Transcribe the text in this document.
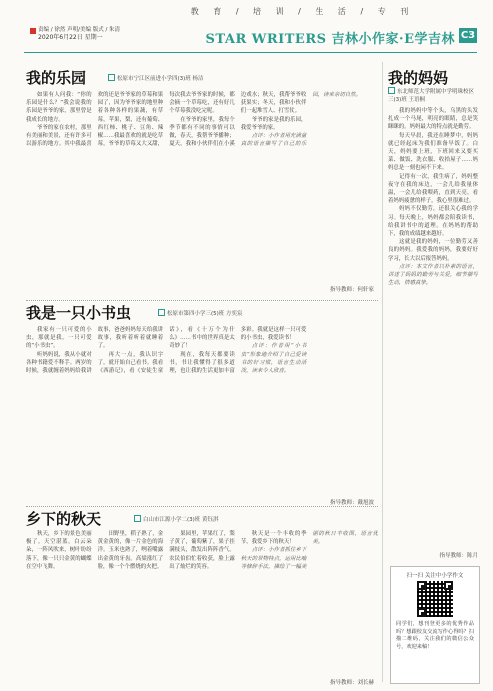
教 育 / 培 训 / 生 活 / 专 刊
责编 / 徐然 声明/美编 版式 / 朱清
2020年6月22日 星期一	STAR WRITERS 吉林小作家·E学吉林 C3
我的乐园	松原市宁江区前进小学四(3)班 杨洁

如果有人问我：“你的乐园是什么？”我会说我的乐园是爷爷的家，那里曾是我成长的地方。

爷爷的家在农村，那里有美丽和美景，还有许多可以游乐的地方。其中我最喜欢的还是爷爷家的草莓和果园了，因为爷爷家的地里种着各种各样的果蔬，有草莓，苹果，梨，还有葡萄、西红柿、桃子、豆角、辣椒……我最喜欢的就是吃草莓，爷爷的草莓又大又甜，每次我去爷爷家的时候，都会摘一个草莓吃，还有好几个草莓我没吃完呢。

在爷爷的家里，我每个季节都有不同的事情可以做，春天，我帮爷爷播种；夏天，我和小伙伴们在小溪边戏水；秋天，我帮爷爷收获果实；冬天，我和小伙伴们一起堆雪人、打雪仗。

爷爷的家是我的乐园，我爱爷爷的家。

点评：小作者用充满童真的语言描写了自己的乐园，读来亲切自然。

指导教师：何轩家
我是一只小书虫	松原市第四小学三(5)班 方奕宸

我家有一只可爱的小虫，那就是我，一只可爱的“小书虫”。

听妈妈说，我从小就对各种书籍爱不释手。两岁的时候，我就缠着妈妈给我讲故事，爸爸妈妈每天给我讲故事，我听着听着就睡着了。

再大一点，我认识字了，就开始自己看书。我看《西游记》，看《安徒生童话》，看《十万个为什么》……书中的世界真是太奇妙了！

现在，我每天都要读书，书让我懂得了很多道理，也让我的生活更加丰富多彩。我就是这样一只可爱的小书虫，我爱读书！

点评：作者用“小书虫”形象地介绍了自己爱读书的好习惯，语言生动活泼，读来令人欣喜。

指导教师：戴旭波
乡下的秋天	白山市江源小学二(3)班 黄钰淇

秋天，乡下的景色美丽极了。天空湛蓝，白云朵朵，一阵风吹来，树叶纷纷落下，像一只只金黄的蝴蝶在空中飞舞。

田野里，稻子熟了，金黄金黄的，像一片金色的海洋。玉米也熟了，咧着嘴露出金黄的牙齿。高粱涨红了脸，像一个个燃烧的火把。

果园里，苹果红了，梨子黄了，葡萄紫了，果子挂满枝头，散发出阵阵香气。农民伯伯忙着收获，脸上露出了灿烂的笑容。

秋天是一个丰收的季节，我爱乡下的秋天！

点评：小作者抓住乡下秋天的景物特点，运用比喻等修辞手法，描绘了一幅美丽的秋日丰收图，语言优美。

指导教师：刘长赫
我的妈妈
东北师范大学附属中学明珠校区三(3)班 王语桐

我的妈妈中等个头，乌黑的头发扎成一个马尾，明亮的眼睛，总是笑眯眯的。妈妈最大的特点就是勤劳。

每天早晨，我还在睡梦中，妈妈就已经起床为我们准备早饭了。白天，妈妈要上班，下班回来又要买菜、做饭、洗衣服、收拾屋子……妈妈总是一刻也闲不下来。

记得有一次，我生病了，妈妈整夜守在我的床边，一会儿给我量体温，一会儿给我喂药，直到天亮。看着妈妈疲惫的样子，我心里很难过。

妈妈不仅勤劳，还很关心我的学习。每天晚上，妈妈都会陪我读书，给我讲书中的道理。在妈妈的帮助下，我的成绩越来越好。

这就是我的妈妈，一位勤劳又善良的妈妈。我爱我的妈妈，我要好好学习，长大以后报答妈妈。

点评：本文作者以朴素的语言，讲述了妈妈的勤劳与关爱，细节描写生动，情感真挚。

指导教师：陈月
扫一扫 关注中小学作文
同学们，想刊登更多的优秀作品吗？想跟校友交流写作心得吗？扫描二维码，关注我们的微信公众号，欢迎来稿！
